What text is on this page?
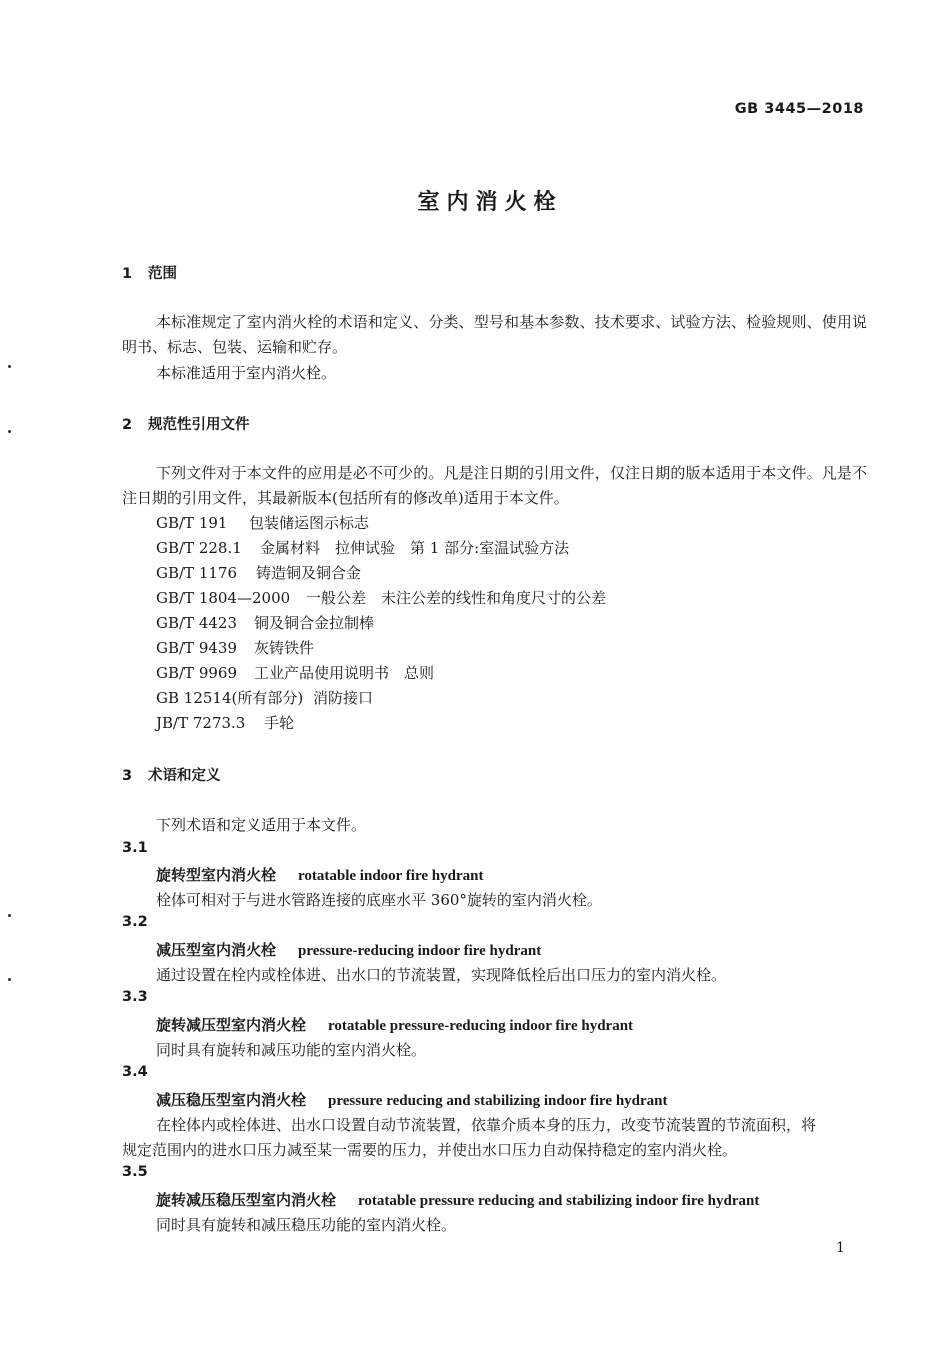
GB 3445—2018
室内消火栓
1 范围
本标准规定了室内消火栓的术语和定义、分类、型号和基本参数、技术要求、试验方法、检验规则、使用说明书、标志、包装、运输和贮存。
本标准适用于室内消火栓。
2 规范性引用文件
下列文件对于本文件的应用是必不可少的。凡是注日期的引用文件，仅注日期的版本适用于本文件。凡是不注日期的引用文件，其最新版本(包括所有的修改单)适用于本文件。
GB/T 191 包装储运图示标志
GB/T 228.1 金属材料　拉伸试验　第 1 部分:室温试验方法
GB/T 1176 铸造铜及铜合金
GB/T 1804—2000 一般公差　未注公差的线性和角度尺寸的公差
GB/T 4423 铜及铜合金拉制棒
GB/T 9439 灰铸铁件
GB/T 9969 工业产品使用说明书　总则
GB 12514(所有部分) 消防接口
JB/T 7273.3 手轮
3 术语和定义
下列术语和定义适用于本文件。
3.1
旋转型室内消火栓 rotatable indoor fire hydrant
栓体可相对于与进水管路连接的底座水平 360°旋转的室内消火栓。
3.2
减压型室内消火栓 pressure-reducing indoor fire hydrant
通过设置在栓内或栓体进、出水口的节流装置，实现降低栓后出口压力的室内消火栓。
3.3
旋转减压型室内消火栓 rotatable pressure-reducing indoor fire hydrant
同时具有旋转和减压功能的室内消火栓。
3.4
减压稳压型室内消火栓 pressure reducing and stabilizing indoor fire hydrant
在栓体内或栓体进、出水口设置自动节流装置，依靠介质本身的压力，改变节流装置的节流面积，将
规定范围内的进水口压力减至某一需要的压力，并使出水口压力自动保持稳定的室内消火栓。
3.5
旋转减压稳压型室内消火栓 rotatable pressure reducing and stabilizing indoor fire hydrant
同时具有旋转和减压稳压功能的室内消火栓。
1
